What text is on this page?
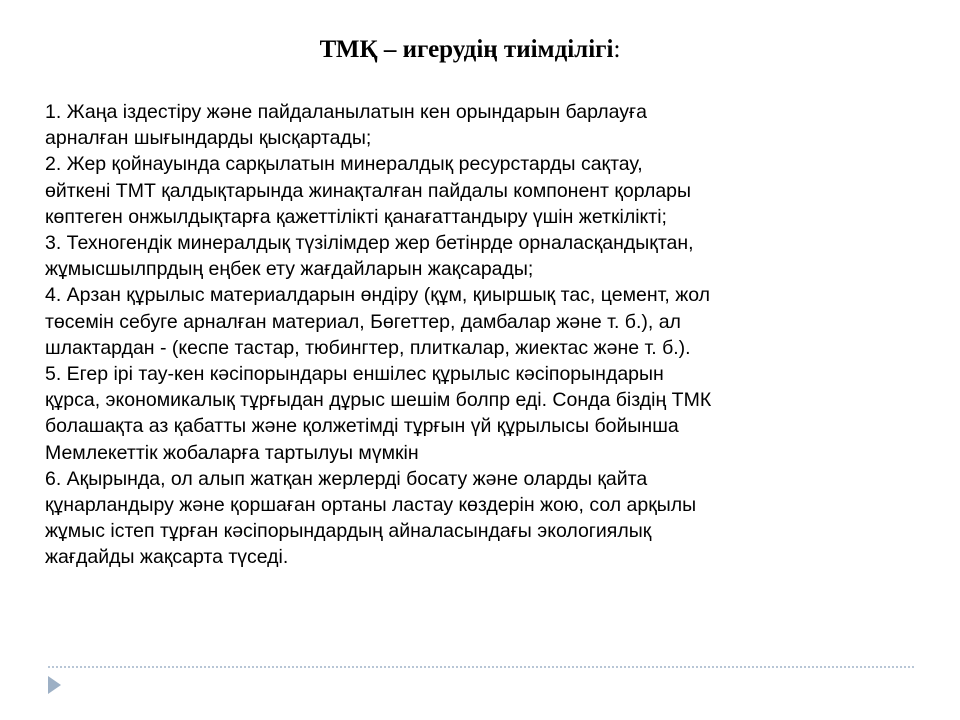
ТМҚ – игерудің тиімділігі:

1. Жаңа іздестіру және пайдаланылатын кен орындарын барлауға
арналған шығындарды қысқартады;

2. Жер қойнауында сарқылатын минералдық ресурстарды сақтау,
өйткені ТМТ қалдықтарында жинақталған пайдалы компонент қорлары
көптеген онжылдықтарға қажеттілікті қанағаттандыру үшін жеткілікті;

3. Техногендік минералдық түзілімдер жер бетінрде орналасқандықтан,
жұмысшылпрдың еңбек ету жағдайларын жақсарады;

4. Арзан құрылыс материалдарын өндіру (құм, қиыршық тас, цемент, жол
төсемін себуге арналған материал, Бөгеттер, дамбалар және т. б.), ал
шлактардан - (кеспе тастар, тюбингтер, плиткалар, жиектас және т. б.).

5. Егер ірі тау-кен кәсіпорындары еншілес құрылыс кәсіпорындарын
құрса, экономикалық тұрғыдан дұрыс шешім болпр еді. Сонда біздің ТМК
болашақта аз қабатты және қолжетімді тұрғын үй құрылысы бойынша
Мемлекеттік жобаларға тартылуы мүмкін

6. Ақырында, ол алып жатқан жерлерді босату және оларды қайта
құнарландыру және қоршаған ортаны ластау көздерін жою, сол арқылы
жұмыс істеп тұрған кәсіпорындардың айналасындағы экологиялық
жағдайды жақсарта түседі.
